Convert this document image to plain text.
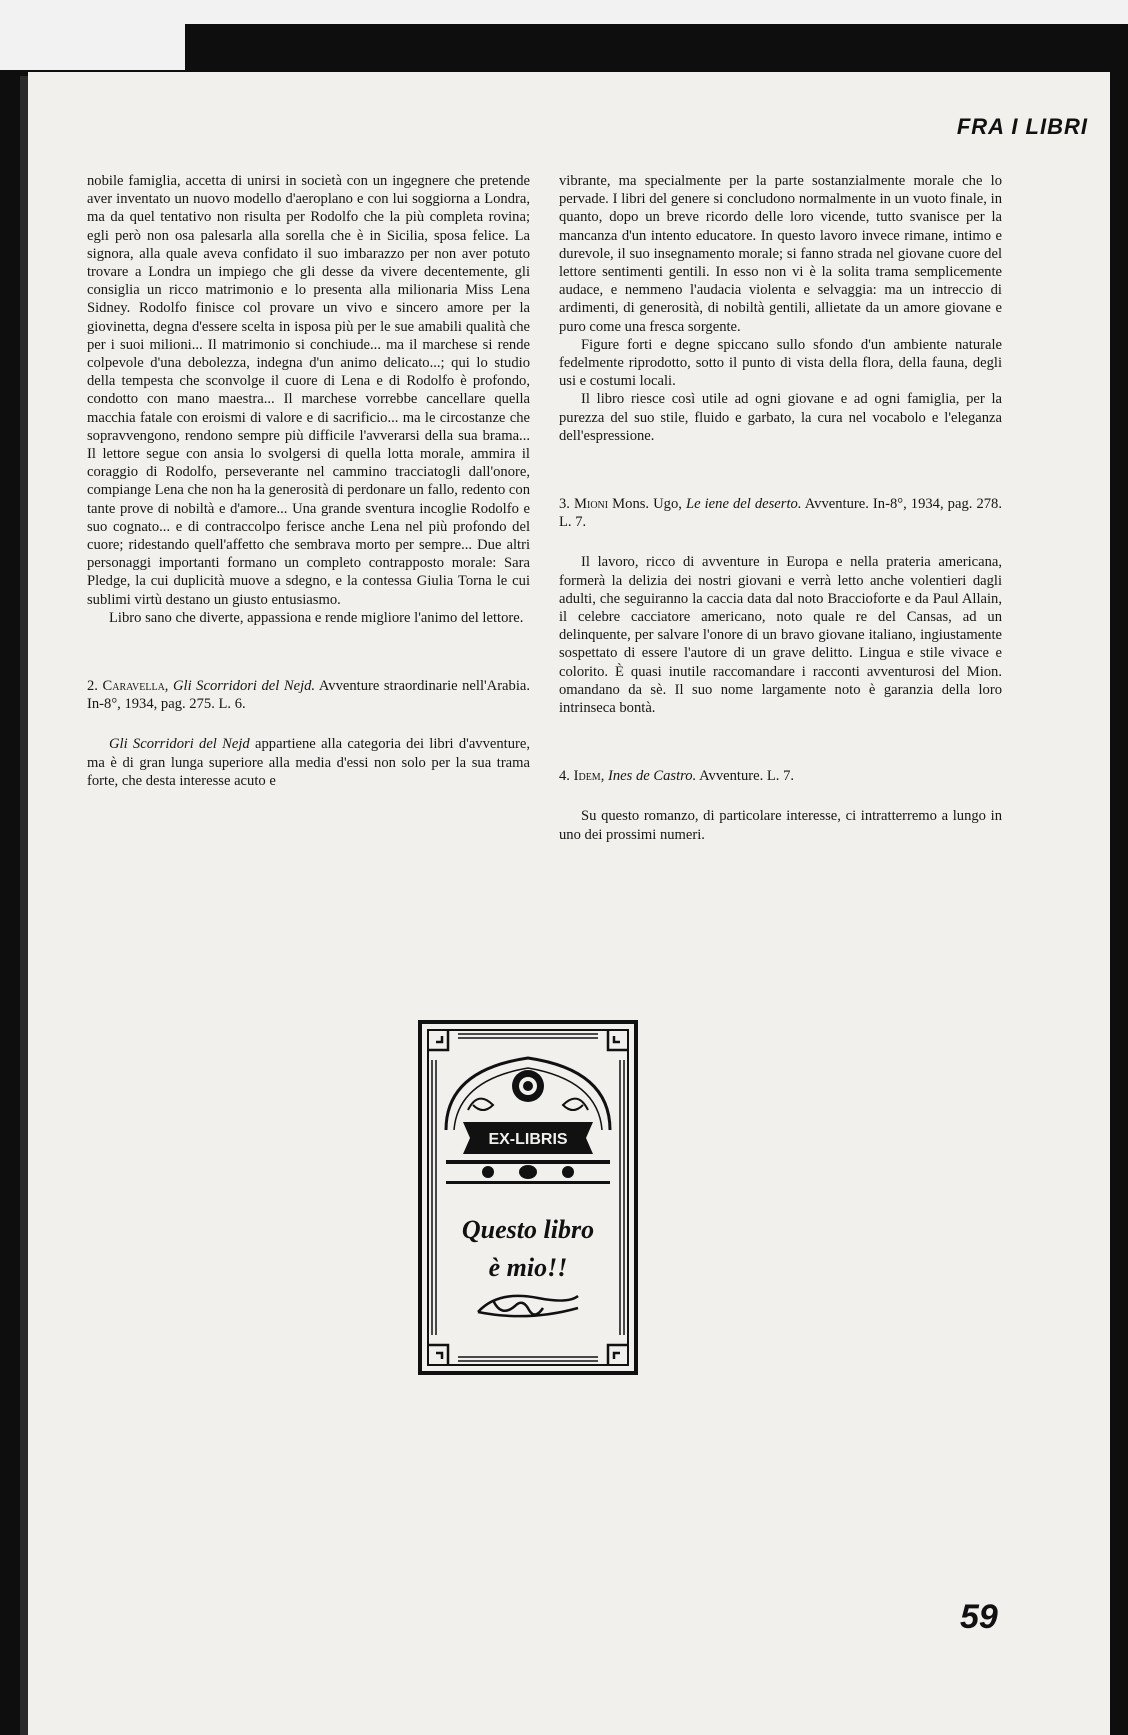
FRA I LIBRI

nobile famiglia, accetta di unirsi in società con un ingegnere che pretende aver inventato un nuovo modello d'aeroplano e con lui soggiorna a Londra, ma da quel tentativo non risulta per Rodolfo che la più completa rovina; egli però non osa palesarla alla sorella che è in Sicilia, sposa felice. La signora, alla quale aveva confidato il suo imbarazzo per non aver potuto trovare a Londra un impiego che gli desse da vivere decentemente, gli consiglia un ricco matrimonio e lo presenta alla milionaria Miss Lena Sidney. Rodolfo finisce col provare un vivo e sincero amore per la giovinetta, degna d'essere scelta in isposa più per le sue amabili qualità che per i suoi milioni... Il matrimonio si conchiude... ma il marchese si rende colpevole d'una debolezza, indegna d'un animo delicato...; qui lo studio della tempesta che sconvolge il cuore di Lena e di Rodolfo è profondo, condotto con mano maestra... Il marchese vorrebbe cancellare quella macchia fatale con eroismi di valore e di sacrificio... ma le circostanze che sopravvengono, rendono sempre più difficile l'avverarsi della sua brama... Il lettore segue con ansia lo svolgersi di quella lotta morale, ammira il coraggio di Rodolfo, perseverante nel cammino tracciatogli dall'onore, compiange Lena che non ha la generosità di perdonare un fallo, redento con tante prove di nobiltà e d'amore... Una grande sventura incoglie Rodolfo e suo cognato... e di contraccolpo ferisce anche Lena nel più profondo del cuore; ridestando quell'affetto che sembrava morto per sempre... Due altri personaggi importanti formano un completo contrapposto morale: Sara Pledge, la cui duplicità muove a sdegno, e la contessa Giulia Torna le cui sublimi virtù destano un giusto entusiasmo.

Libro sano che diverte, appassiona e rende migliore l'animo del lettore.

2. Caravella, Gli Scorridori del Nejd. Avventure straordinarie nell'Arabia. In-8°, 1934, pag. 275. L. 6.

Gli Scorridori del Nejd appartiene alla categoria dei libri d'avventure, ma è di gran lunga superiore alla media d'essi non solo per la sua trama forte, che desta interesse acuto e

vibrante, ma specialmente per la parte sostanzialmente morale che lo pervade. I libri del genere si concludono normalmente in un vuoto finale, in quanto, dopo un breve ricordo delle loro vicende, tutto svanisce per la mancanza d'un intento educatore. In questo lavoro invece rimane, intimo e durevole, il suo insegnamento morale; si fanno strada nel giovane cuore del lettore sentimenti gentili. In esso non vi è la solita trama semplicemente audace, e nemmeno l'audacia violenta e selvaggia: ma un intreccio di ardimenti, di generosità, di nobiltà gentili, allietate da un amore giovane e puro come una fresca sorgente.

Figure forti e degne spiccano sullo sfondo d'un ambiente naturale fedelmente riprodotto, sotto il punto di vista della flora, della fauna, degli usi e costumi locali.

Il libro riesce così utile ad ogni giovane e ad ogni famiglia, per la purezza del suo stile, fluido e garbato, la cura nel vocabolo e l'eleganza dell'espressione.

3. Mioni Mons. Ugo, Le iene del deserto. Avventure. In-8°, 1934, pag. 278. L. 7.

Il lavoro, ricco di avventure in Europa e nella prateria americana, formerà la delizia dei nostri giovani e verrà letto anche volentieri dagli adulti, che seguiranno la caccia data dal noto Braccioforte e da Paul Allain, il celebre cacciatore americano, noto quale re del Cansas, ad un delinquente, per salvare l'onore di un bravo giovane italiano, ingiustamente sospettato di essere l'autore di un grave delitto. Lingua e stile vivace e colorito. È quasi inutile raccomandare i racconti avventurosi del Mion. omandano da sè. Il suo nome largamente noto è garanzia della loro intrinseca bontà.

4. Idem, Ines de Castro. Avventure. L. 7.

Su questo romanzo, di particolare interesse, ci intratterremo a lungo in uno dei prossimi numeri.

EX-LIBRIS
Questo libro
è mio!!
59
